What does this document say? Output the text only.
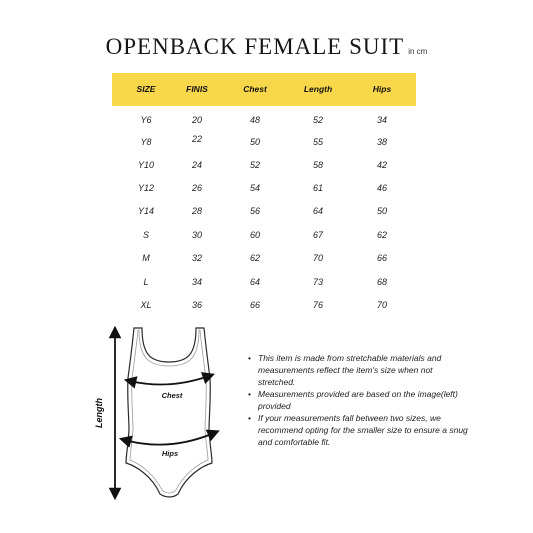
OPENBACK FEMALE SUIT in cm
SIZE	FINIS	Chest	Length	Hips
Y6	20	48	52	34
Y8	22	50	55	38
Y10	24	52	58	42
Y12	26	54	61	46
Y14	28	56	64	50
S	30	60	67	62
M	32	62	70	66
L	34	64	73	68
XL	36	66	76	70
Length
Chest
Hips
• This item is made from stretchable materials and measurements reflect the item's size when not stretched.
• Measurements provided are based on the image(left) provided
• If your measurements fall between two sizes, we recommend opting for the smaller size to ensure a snug and comfortable fit.
